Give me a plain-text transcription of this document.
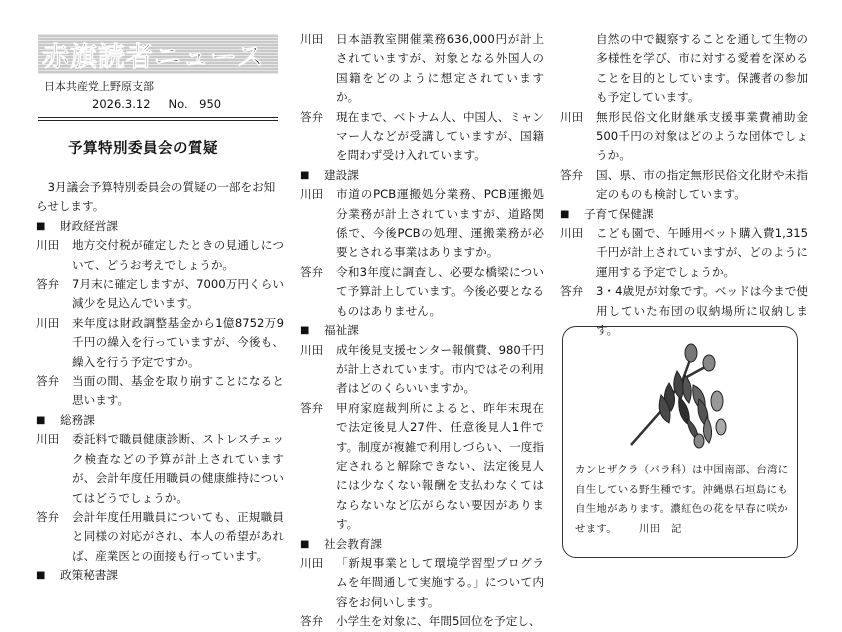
赤旗読者ニュース
日本共産党上野原支部
2026.3.12 No.　950
予算特別委員会の質疑

3月議会予算特別委員会の質疑の一部をお知らせします。

■	財政経営課
川田	地方交付税が確定したときの見通しについて、どうお考えでしょうか。
答弁	7月末に確定しますが、7000万円くらい減少を見込んでいます。
川田	来年度は財政調整基金から1億8752万9千円の繰入を行っていますが、今後も、繰入を行う予定ですか。
答弁	当面の間、基金を取り崩すことになると思います。
■	総務課
川田	委託料で職員健康診断、ストレスチェック検査などの予算が計上されていますが、会計年度任用職員の健康維持についてはどうでしょうか。
答弁	会計年度任用職員についても、正規職員と同様の対応がされ、本人の希望があれば、産業医との面接も行っています。
■	政策秘書課
川田	日本語教室開催業務636,000円が計上されていますが、対象となる外国人の国籍をどのように想定されていますか。
答弁	現在まで、ベトナム人、中国人、ミャンマー人などが受講していますが、国籍を問わず受け入れています。
■	建設課
川田	市道のPCB運搬処分業務、PCB運搬処分業務が計上されていますが、道路関係で、今後PCBの処理、運搬業務が必要とされる事業はありますか。
答弁	令和3年度に調査し、必要な橋梁について予算計上しています。今後必要となるものはありません。
■	福祉課
川田	成年後見支援センター報償費、980千円が計上されています。市内ではその利用者はどのくらいいますか。
答弁	甲府家庭裁判所によると、昨年末現在で法定後見人27件、任意後見人1件です。制度が複雑で利用しづらい、一度指定されると解除できない、法定後見人には少なくない報酬を支払わなくてはならないなど広がらない要因があります。
■	社会教育課
川田	「新規事業として環境学習型プログラムを年間通して実施する。」について内容をお伺いします。
答弁	小学生を対象に、年間5回位を予定し、

自然の中で観察することを通して生物の多様性を学び、市に対する愛着を深めることを目的としています。保護者の参加も予定しています。

川田	無形民俗文化財継承支援事業費補助金500千円の対象はどのような団体でしょうか。
答弁	国、県、市の指定無形民俗文化財や未指定のものも検討しています。
■	子育て保健課
川田	こども園で、午睡用ベット購入費1,315千円が計上されていますが、どのように運用する予定でしょうか。
答弁	3・4歳児が対象です。ベッドは今まで使用していた布団の収納場所に収納します。
カンヒザクラ（バラ科）は中国南部、台湾に自生している野生種です。沖縄県石垣島にも自生地があります。濃紅色の花を早春に咲かせます。 川田　記
